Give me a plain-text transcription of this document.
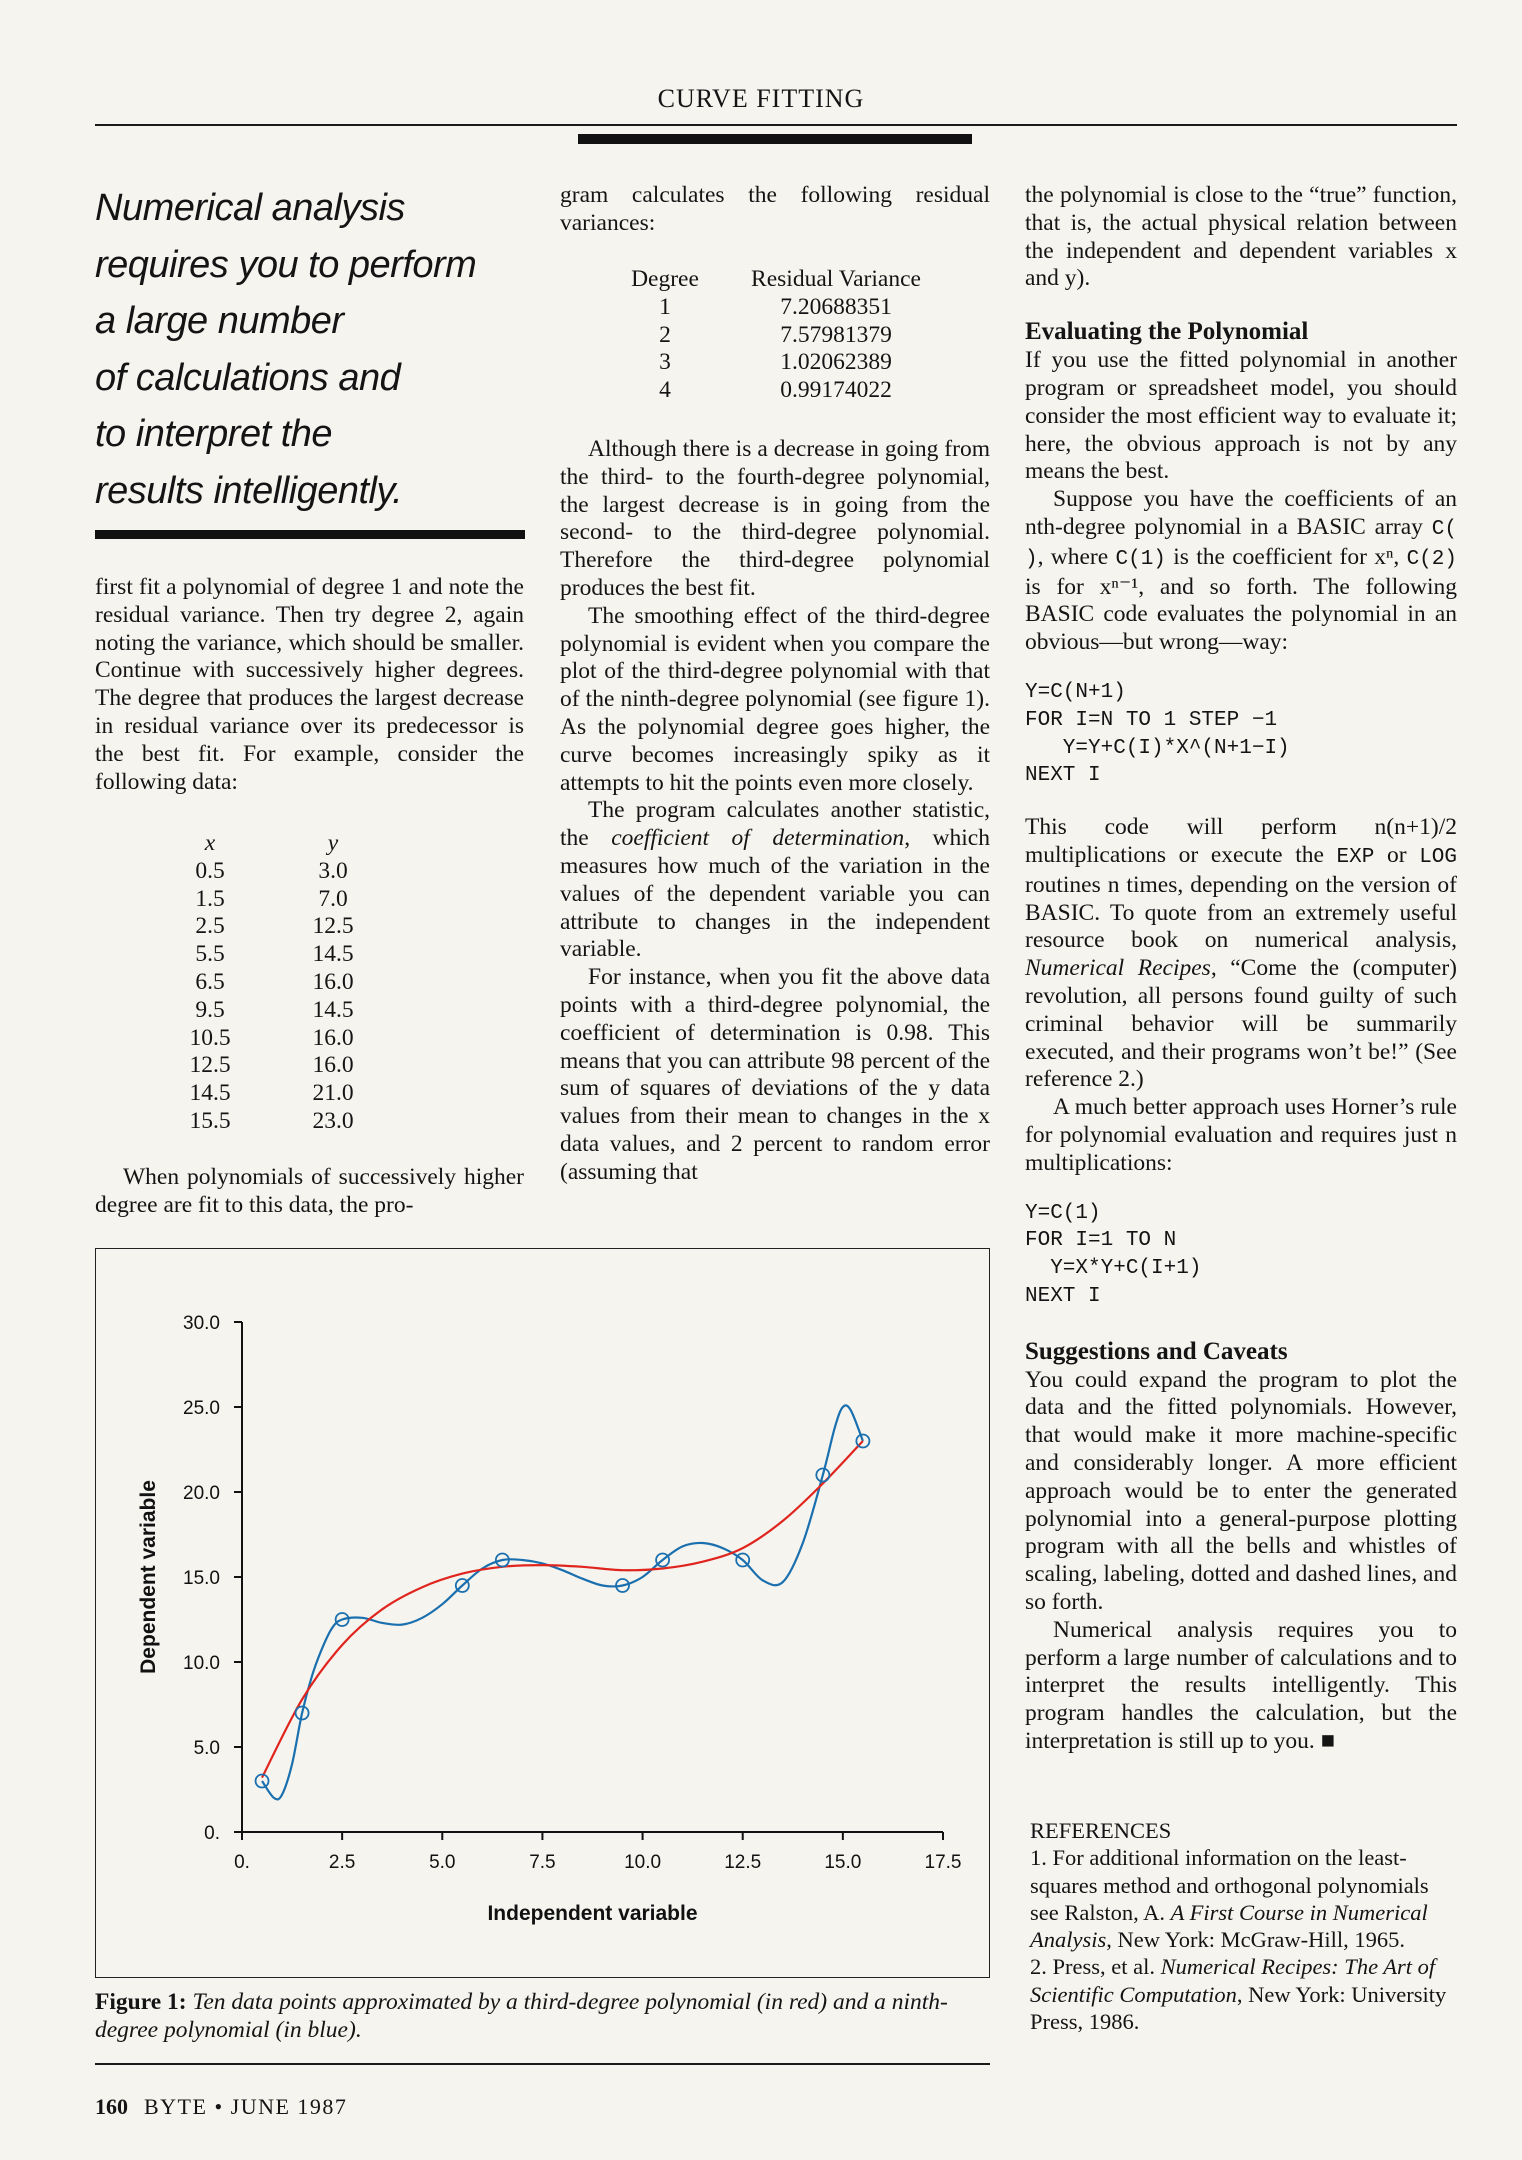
CURVE FITTING
Numerical analysis
requires you to perform
a large number
of calculations and
to interpret the
results intelligently.

first fit a polynomial of degree 1 and note the residual variance. Then try degree 2, again noting the variance, which should be smaller. Continue with successively higher degrees. The degree that produces the largest decrease in residual variance over its predecessor is the best fit. For example, consider the following data:

x		y
0.5		3.0
1.5		7.0
2.5		12.5
5.5		14.5
6.5		16.0
9.5		14.5
10.5		16.0
12.5		16.0
14.5		21.0
15.5		23.0

When polynomials of successively higher degree are fit to this data, the pro-

gram calculates the following residual variances:

Degree		Residual Variance
1		7.20688351
2		7.57981379
3		1.02062389
4		0.99174022

Although there is a decrease in going from the third- to the fourth-degree polynomial, the largest decrease is in going from the second- to the third-degree polynomial. Therefore the third-degree polynomial produces the best fit.

The smoothing effect of the third-degree polynomial is evident when you compare the plot of the third-degree polynomial with that of the ninth-degree polynomial (see figure 1). As the polynomial degree goes higher, the curve becomes increasingly spiky as it attempts to hit the points even more closely.

The program calculates another statistic, the coefficient of determination, which measures how much of the variation in the values of the dependent variable you can attribute to changes in the independent variable.

For instance, when you fit the above data points with a third-degree polynomial, the coefficient of determination is 0.98. This means that you can attribute 98 percent of the sum of squares of deviations of the y data values from their mean to changes in the x data values, and 2 percent to random error (assuming that

the polynomial is close to the “true” function, that is, the actual physical relation between the independent and dependent variables x and y).

Evaluating the Polynomial

If you use the fitted polynomial in another program or spreadsheet model, you should consider the most efficient way to evaluate it; here, the obvious approach is not by any means the best.

Suppose you have the coefficients of an nth-degree polynomial in a BASIC array C( ), where C(1) is the coefficient for xⁿ, C(2) is for xⁿ⁻¹, and so forth. The following BASIC code evaluates the polynomial in an obvious—but wrong—way:

Y=C(N+1)
FOR I=N TO 1 STEP −1
Y=Y+C(I)*X^(N+1−I)
NEXT I

This code will perform n(n+1)/2 multiplications or execute the EXP or LOG routines n times, depending on the version of BASIC. To quote from an extremely useful resource book on numerical analysis, Numerical Recipes, “Come the (computer) revolution, all persons found guilty of such criminal behavior will be summarily executed, and their programs won’t be!” (See reference 2.)

A much better approach uses Horner’s rule for polynomial evaluation and requires just n multiplications:

Y=C(1)
FOR I=1 TO N
Y=X*Y+C(I+1)
NEXT I
Suggestions and Caveats

You could expand the program to plot the data and the fitted polynomials. However, that would make it more machine-specific and considerably longer. A more efficient approach would be to enter the generated polynomial into a general-purpose plotting program with all the bells and whistles of scaling, labeling, dotted and dashed lines, and so forth.

Numerical analysis requires you to perform a large number of calculations and to interpret the results intelligently. This program handles the calculation, but the interpretation is still up to you. ■

REFERENCES

1. For additional information on the least-squares method and orthogonal polynomials see Ralston, A. A First Course in Numerical Analysis, New York: McGraw-Hill, 1965.

2. Press, et al. Numerical Recipes: The Art of Scientific Computation, New York: University Press, 1986.

0.
5.0
10.0
15.0
20.0
25.0
30.0
0.	2.5	5.0	7.5	10.0	12.5	15.0	17.5
Independent variable
Dependent variable
Figure 1: Ten data points approximated by a third-degree polynomial (in red) and a ninth-degree polynomial (in blue).
160 BYTE • JUNE 1987
